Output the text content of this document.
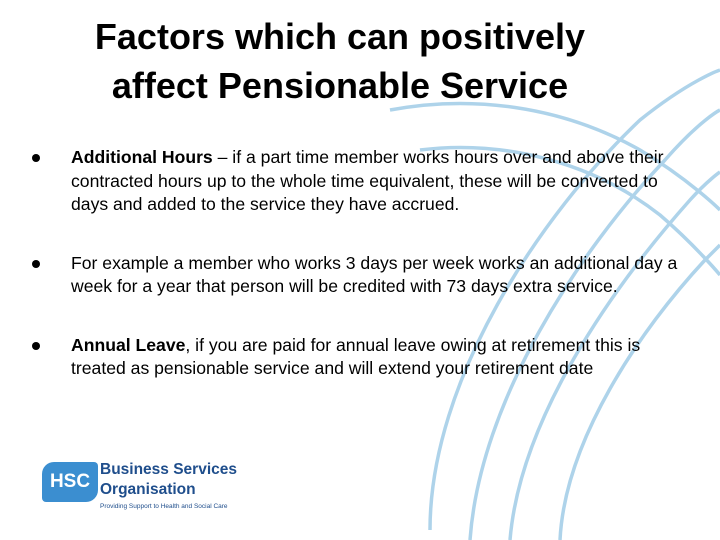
Factors which can positively
affect Pensionable Service
Additional Hours – if a part time member works hours over and above their contracted hours up to the whole time equivalent, these will be converted to days and added to the service they have accrued.
For example a member who works 3 days per week works an additional day a week for a year that person will be credited with 73 days extra service.
Annual Leave, if you are paid for annual leave owing at retirement this is treated as pensionable service and will extend your retirement date
HSC
Business Services
Organisation
Providing Support to Health and Social Care
